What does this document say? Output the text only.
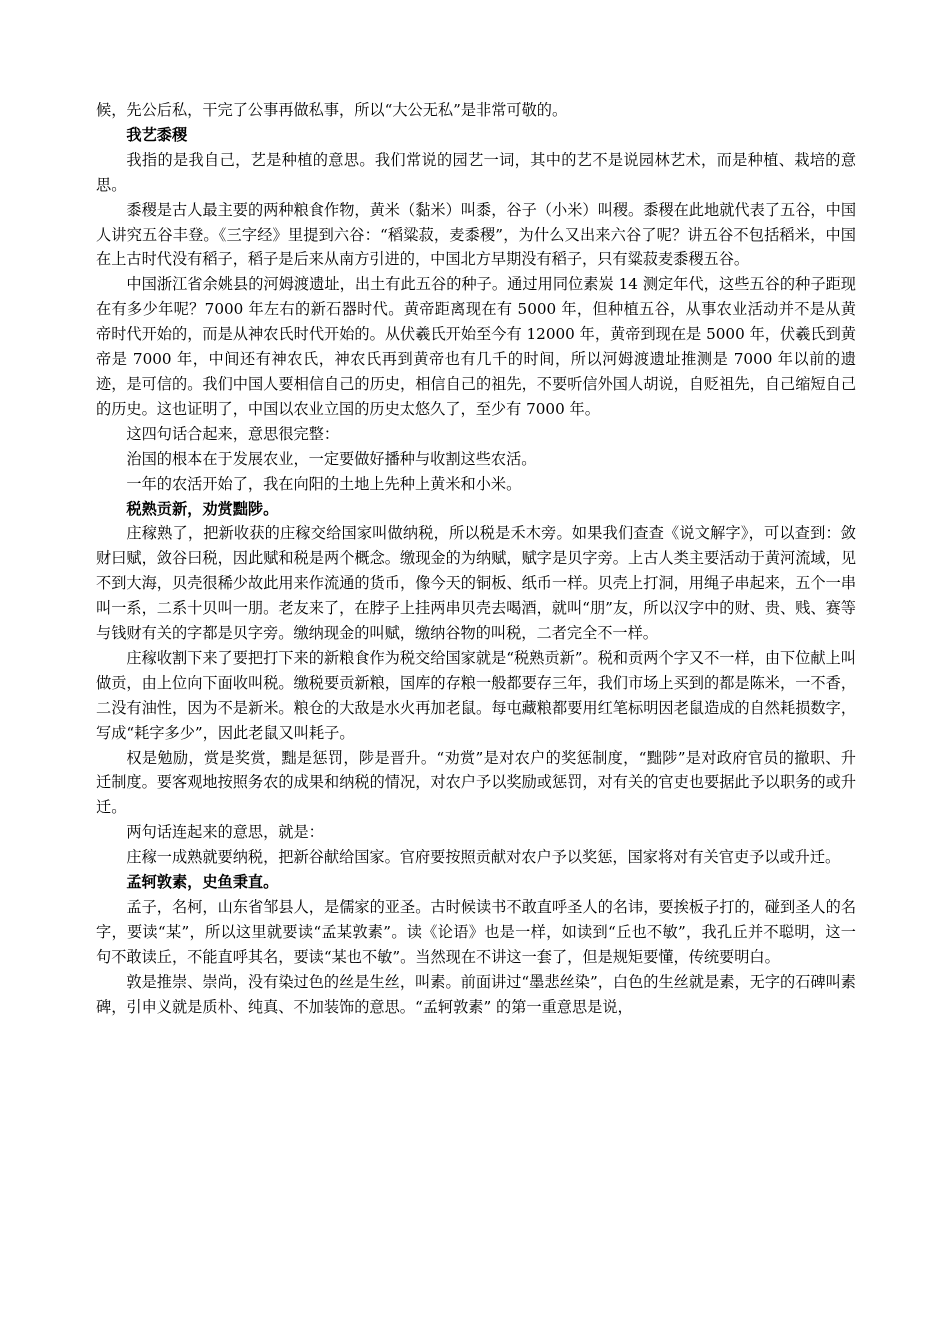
候，先公后私，干完了公事再做私事，所以“大公无私”是非常可敬的。

我艺黍稷

我指的是我自己，艺是种植的意思。我们常说的园艺一词，其中的艺不是说园林艺术，而是种植、栽培的意思。

黍稷是古人最主要的两种粮食作物，黄米（黏米）叫黍，谷子（小米）叫稷。黍稷在此地就代表了五谷，中国人讲究五谷丰登。《三字经》里提到六谷：“稻粱菽，麦黍稷”，为什么又出来六谷了呢？讲五谷不包括稻米，中国在上古时代没有稻子，稻子是后来从南方引进的，中国北方早期没有稻子，只有粱菽麦黍稷五谷。

中国浙江省余姚县的河姆渡遗址，出土有此五谷的种子。通过用同位素炭 14 测定年代，这些五谷的种子距现在有多少年呢？7000 年左右的新石器时代。黄帝距离现在有 5000 年，但种植五谷，从事农业活动并不是从黄帝时代开始的，而是从神农氏时代开始的。从伏羲氏开始至今有 12000 年，黄帝到现在是 5000 年，伏羲氏到黄帝是 7000 年，中间还有神农氏，神农氏再到黄帝也有几千的时间，所以河姆渡遗址推测是 7000 年以前的遗迹，是可信的。我们中国人要相信自己的历史，相信自己的祖先，不要听信外国人胡说，自贬祖先，自己缩短自己的历史。这也证明了，中国以农业立国的历史太悠久了，至少有 7000 年。

这四句话合起来，意思很完整：

治国的根本在于发展农业，一定要做好播种与收割这些农活。

一年的农活开始了，我在向阳的土地上先种上黄米和小米。

税熟贡新，劝赏黜陟。

庄稼熟了，把新收获的庄稼交给国家叫做纳税，所以税是禾木旁。如果我们查查《说文解字》，可以查到：敛财曰赋，敛谷曰税，因此赋和税是两个概念。缴现金的为纳赋，赋字是贝字旁。上古人类主要活动于黄河流域，见不到大海，贝壳很稀少故此用来作流通的货币，像今天的铜板、纸币一样。贝壳上打洞，用绳子串起来，五个一串叫一系，二系十贝叫一朋。老友来了，在脖子上挂两串贝壳去喝酒，就叫“朋”友，所以汉字中的财、贵、贱、赛等与钱财有关的字都是贝字旁。缴纳现金的叫赋，缴纳谷物的叫税，二者完全不一样。

庄稼收割下来了要把打下来的新粮食作为税交给国家就是“税熟贡新”。税和贡两个字又不一样，由下位献上叫做贡，由上位向下面收叫税。缴税要贡新粮，国库的存粮一般都要存三年，我们市场上买到的都是陈米，一不香，二没有油性，因为不是新米。粮仓的大敌是水火再加老鼠。每屯藏粮都要用红笔标明因老鼠造成的自然耗损数字，写成“耗字多少”，因此老鼠又叫耗子。

权是勉励，赏是奖赏，黜是惩罚，陟是晋升。“劝赏”是对农户的奖惩制度，“黜陟”是对政府官员的撤职、升迁制度。要客观地按照务农的成果和纳税的情况，对农户予以奖励或惩罚，对有关的官吏也要据此予以职务的或升迁。

两句话连起来的意思，就是：

庄稼一成熟就要纳税，把新谷献给国家。官府要按照贡献对农户予以奖惩，国家将对有关官吏予以或升迁。

孟轲敦素，史鱼秉直。

孟子，名柯，山东省邹县人，是儒家的亚圣。古时候读书不敢直呼圣人的名讳，要挨板子打的，碰到圣人的名字，要读“某”，所以这里就要读“孟某敦素”。读《论语》也是一样，如读到“丘也不敏”，我孔丘并不聪明，这一句不敢读丘，不能直呼其名，要读“某也不敏”。当然现在不讲这一套了，但是规矩要懂，传统要明白。

敦是推崇、崇尚，没有染过色的丝是生丝，叫素。前面讲过“墨悲丝染”，白色的生丝就是素，无字的石碑叫素碑，引申义就是质朴、纯真、不加装饰的意思。“孟轲敦素” 的第一重意思是说，
